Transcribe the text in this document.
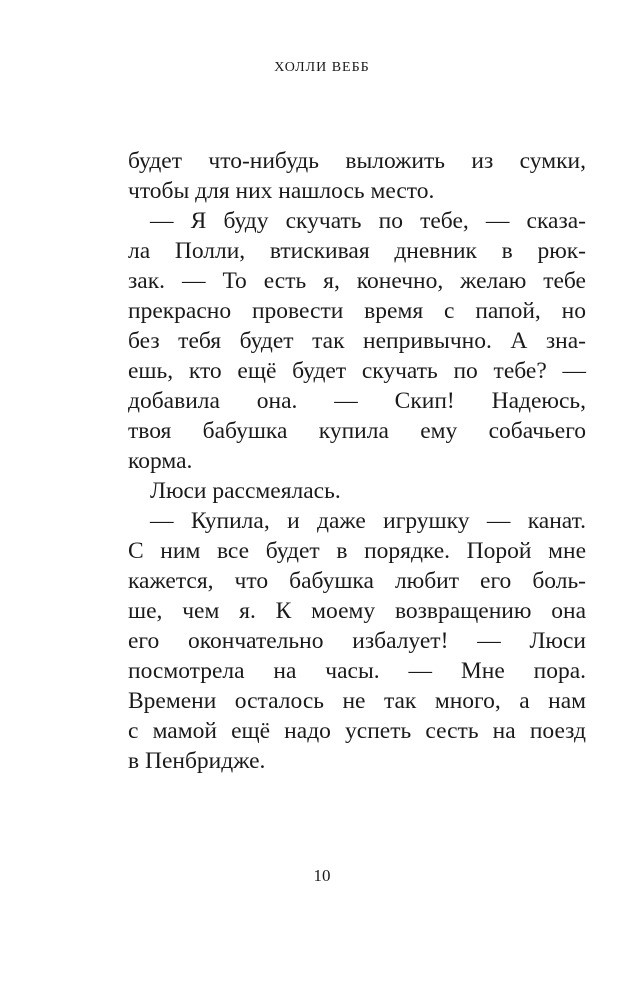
ХОЛЛИ ВЕББ
будет что-нибудь выложить из сумки,
чтобы для них нашлось место.
— Я буду скучать по тебе, — сказа-
ла Полли, втискивая дневник в рюк-
зак. — То есть я, конечно, желаю тебе
прекрасно провести время с папой, но
без тебя будет так непривычно. А зна-
ешь, кто ещё будет скучать по тебе? —
добавила она. — Скип! Надеюсь,
твоя бабушка купила ему собачьего
корма.
Люси рассмеялась.
— Купила, и даже игрушку — канат.
С ним все будет в порядке. Порой мне
кажется, что бабушка любит его боль-
ше, чем я. К моему возвращению она
его окончательно избалует! — Люси
посмотрела на часы. — Мне пора.
Времени осталось не так много, а нам
с мамой ещё надо успеть сесть на поезд
в Пенбридже.
10
